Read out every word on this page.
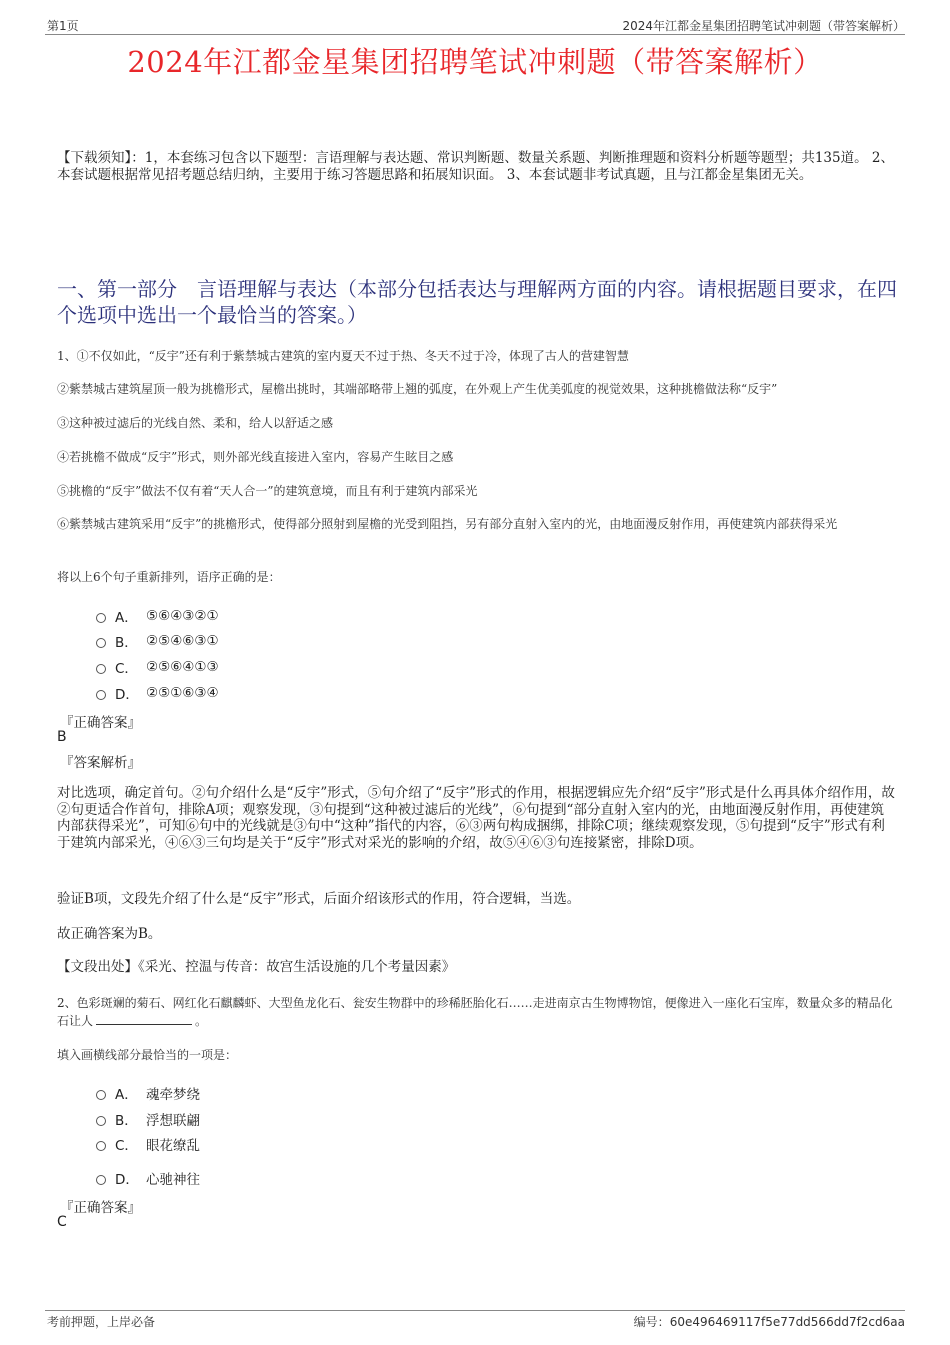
第1页	2024年江都金星集团招聘笔试冲刺题（带答案解析）
2024年江都金星集团招聘笔试冲刺题（带答案解析）
【下载须知】：1，本套练习包含以下题型：言语理解与表达题、常识判断题、数量关系题、判断推理题和资料分析题等题型；共135道。 2、本套试题根据常见招考题总结归纳，主要用于练习答题思路和拓展知识面。 3、本套试题非考试真题，且与江都金星集团无关。
一、第一部分　言语理解与表达（本部分包括表达与理解两方面的内容。请根据题目要求，在四个选项中选出一个最恰当的答案。）
1、①不仅如此，“反宇”还有利于紫禁城古建筑的室内夏天不过于热、冬天不过于冷，体现了古人的营建智慧
②紫禁城古建筑屋顶一般为挑檐形式，屋檐出挑时，其端部略带上翘的弧度，在外观上产生优美弧度的视觉效果，这种挑檐做法称“反宇”
③这种被过滤后的光线自然、柔和，给人以舒适之感
④若挑檐不做成“反宇”形式，则外部光线直接进入室内，容易产生眩目之感
⑤挑檐的“反宇”做法不仅有着“天人合一”的建筑意境，而且有利于建筑内部采光
⑥紫禁城古建筑采用“反宇”的挑檐形式，使得部分照射到屋檐的光受到阻挡，另有部分直射入室内的光，由地面漫反射作用，再使建筑内部获得采光
将以上6个句子重新排列，语序正确的是：
A． ⑤⑥④③②①
B． ②⑤④⑥③①
C． ②⑤⑥④①③
D． ②⑤①⑥③④
『正确答案』
B
『答案解析』
对比选项，确定首句。②句介绍什么是“反宇”形式，⑤句介绍了“反宇”形式的作用，根据逻辑应先介绍“反宇”形式是什么再具体介绍作用，故②句更适合作首句，排除A项；观察发现，③句提到“这种被过滤后的光线”，⑥句提到“部分直射入室内的光，由地面漫反射作用，再使建筑内部获得采光”，可知⑥句中的光线就是③句中“这种”指代的内容，⑥③两句构成捆绑，排除C项；继续观察发现，⑤句提到“反宇”形式有利于建筑内部采光，④⑥③三句均是关于“反宇”形式对采光的影响的介绍，故⑤④⑥③句连接紧密，排除D项。
验证B项，文段先介绍了什么是“反宇”形式，后面介绍该形式的作用，符合逻辑，当选。
故正确答案为B。
【文段出处】《采光、控温与传音：故宫生活设施的几个考量因素》
2、色彩斑斓的菊石、网红化石麒麟虾、大型鱼龙化石、瓮安生物群中的珍稀胚胎化石……走进南京古生物博物馆，便像进入一座化石宝库，数量众多的精品化石让人	。
填入画横线部分最恰当的一项是：
A． 魂牵梦绕
B． 浮想联翩
C． 眼花缭乱
D． 心驰神往
『正确答案』
C
考前押题，上岸必备	编号：60e496469117f5e77dd566dd7f2cd6aa
